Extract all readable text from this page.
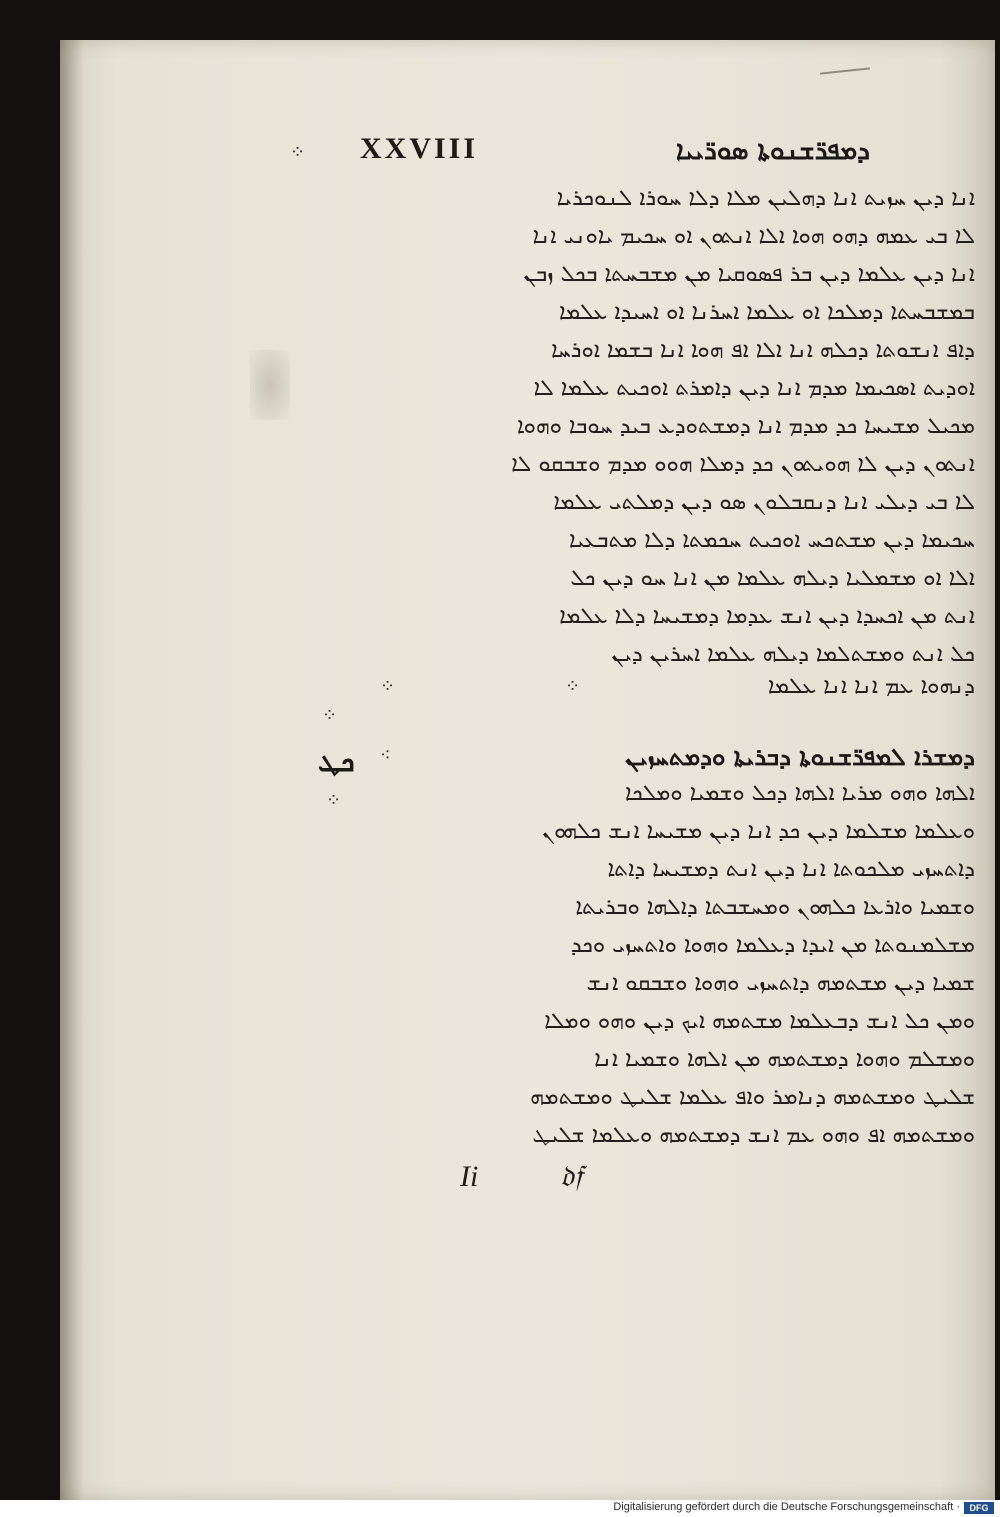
⁘ XXVIII	ܕܡܦܪ̈ܫܢܘܬܐ ܣܘܪ̈ܝܝܐ
ܐܢܐ ܕܝܢ ܚܙܝܬ ܐܢܐ ܕܗܠܝܢ ܡܠܐ ܕܠܐ ܚܘܪܐ ܠܢܘܟܪܝܐ
ܠܐ ܒܝ ܥܡܗ ܕܗܘ ܗܘܐ ܐܠܐ ܐܢܬܘܢ ܐܘ ܚܟܝܡ ܝܐܘܢܝ ܐܢܐ
ܐܢܐ ܕܝܢ ܥܠܡܐ ܕܝܢ ܒܪ ܦܣܘܩܝܐ ܡܢ ܡܫܒܚܬܐ ܒܟܠ ܙܒܢ
ܒܡܫܒܚܬܐ ܕܡܠܟܐ ܐܘ ܥܠܡܐ ܐܚܪܢܐ ܐܘ ܐܚܝܕܐ ܥܠܡܐ
ܕܐܦ ܐܢܫܘܬܐ ܕܟܠܗ ܐܢܐ ܐܠܐ ܐܦ ܗܘܐ ܐܢܐ ܒܫܡܐ ܐܘܪܚܐ
ܐܘܕܝܬ ܐܣܟܝܡܐ ܡܕܡ ܐܢܐ ܕܝܢ ܕܐܡܪܬ ܐܘܟܝܬ ܥܠܡܐ ܠܐ
ܡܟܝܠ ܡܫܝܚܐ ܟܕ ܡܕܡ ܐܢܐ ܕܡܫܬܘܕܥ ܒܝܕ ܚܘܒܐ ܘܗܘܐ
ܐܢܬܘܢ ܕܝܢ ܠܐ ܗܘܝܬܘܢ ܟܕ ܕܡܠܐ ܗܘܘ ܡܕܡ ܘܫܒܩܘ ܠܐ
ܠܐ ܒܝ ܕܝܠܝ ܐܢܐ ܕܢܩܒܠܘܢ ܣܘ ܕܝܢ ܕܡܠܬܝ ܥܠܡܐ
ܚܟܝܡܐ ܕܝܢ ܡܫܬܟܚ ܐܘܟܝܬ ܚܟܡܬܐ ܕܠܐ ܡܬܒܥܝܐ
ܐܠܐ ܐܘ ܡܫܡܠܝܐ ܕܝܠܗ ܥܠܡܐ ܡܢ ܐܢܐ ܚܘ ܕܝܢ ܟܠ
ܐܢܬ ܡܢ ܐܟܚܕܐ ܕܝܢ ܐܢܫ ܥܕܡܐ ܕܡܫܝܚܐ ܕܠܐ ܥܠܡܐ
ܟܠ ܐܢܬ ܘܡܫܬܠܡܐ ܕܝܠܗ ܥܠܡܐ ܐܚܪܝܢ ܕܝܢ
⁘	⁘	ܕܢܗܘܐ ܥܡ ܐܢܐ ܐܢܐ ܥܠܡܐ
⁘
⁘
ܟܛ ⁖	ܕܡܫܪܐ ܠܡܦܪ̈ܫܢܘܬܐ ܕܒܪܝܬܐ ܘܕܡܬܚܙܝܢ
ܐܠܗܐ ܘܗܘ ܡܪܝܐ ܐܠܗܐ ܕܟܠ ܘܫܡܝܐ ܘܡܠܟܐ
ܘܥܠܡܐ ܡܫܠܡܐ ܕܝܢ ܟܕ ܐܢܐ ܕܝܢ ܡܫܝܚܐ ܐܢܫ ܟܠܗܘܢ
ܕܐܬܚܙܝ ܡܠܟܘܬܐ ܐܢܐ ܕܝܢ ܐܢܬ ܕܡܫܝܚܐ ܕܐܬܐ
ܘܫܡܝܐ ܘܐܪܥܐ ܟܠܗܘܢ ܘܡܚܫܒܬܐ ܕܐܠܗܐ ܘܒܪܝܬܐ
ܡܫܠܡܢܘܬܐ ܡܢ ܐܝܕܐ ܕܥܠܡܐ ܘܗܘܐ ܘܐܬܚܙܝ ܘܟܕ
ܫܡܝܐ ܕܝܢ ܡܫܬܡܗ ܕܐܬܚܙܝ ܘܗܘܐ ܘܫܒܩܘ ܐܢܫ
ܘܡܢ ܟܠ ܐܢܫ ܕܒܥܠܡܐ ܡܫܬܡܗ ܐܝܟ ܕܝܢ ܘܗܘ ܘܡܠܐ
ܘܡܫܠܡ ܘܗܘܐ ܕܡܫܬܡܗ ܡܢ ܐܠܗܐ ܘܫܡܝܐ ܐܢܐ
ܫܠܝܛ ܘܡܫܬܡܗ ܕܢܐܡܪ ܘܐܦ ܥܠܡܐ ܫܠܝܛ ܘܡܫܬܡܗ
ܘܡܫܬܡܗ ܐܦ ܘܗܘ ܥܡ ܐܢܫ ܕܡܫܬܡܗ ܘܥܠܡܐ ܫܠܝܛ
Ii	𝔡𝔣
Digitalisierung gefördert durch die Deutsche Forschungsgemeinschaft ·	DFG
